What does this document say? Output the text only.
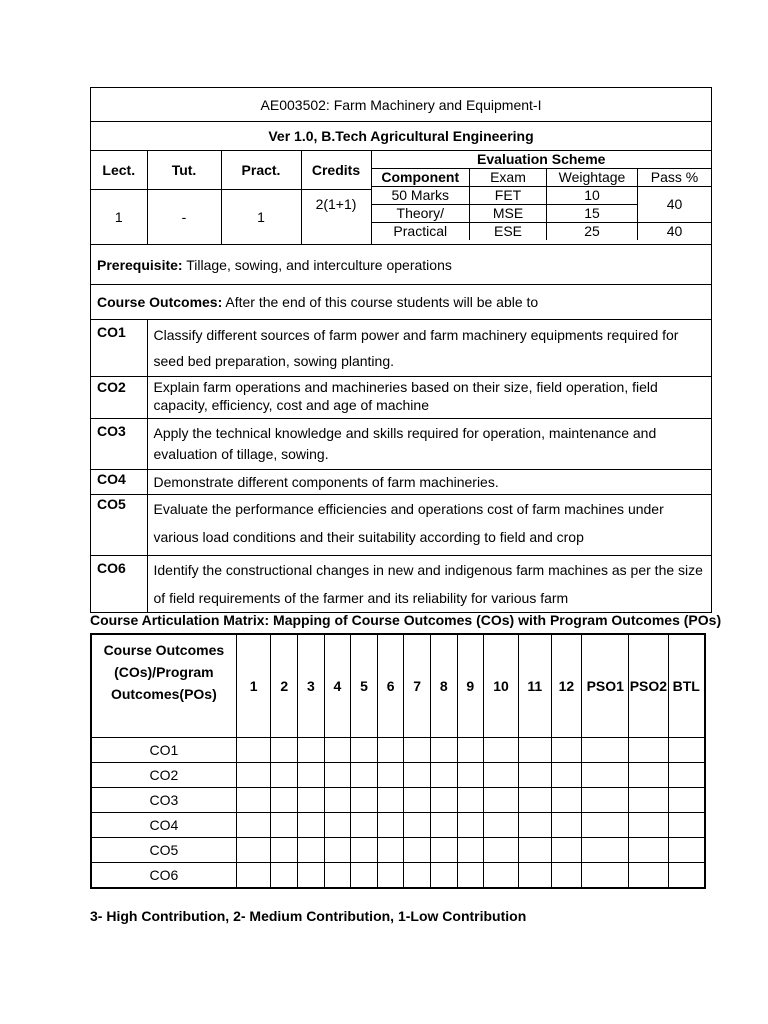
AE003502: Farm Machinery and Equipment-I
Ver 1.0, B.Tech Agricultural Engineering

Lect.	Tut.	Pract.	Credits	
Evaluation Scheme
Component	Exam	Weightage	Pass %
50 Marks	FET	10	40
Theory/	MSE	15
Practical	ESE	25	40

1	-	1	2(1+1)

Prerequisite: Tillage, sowing, and interculture operations
Course Outcomes: After the end of this course students will be able to

CO1	Classify different sources of farm power and farm machinery equipments required for seed bed preparation, sowing planting.
CO2	Explain farm operations and machineries based on their size, field operation, field capacity, efficiency, cost and age of machine
CO3	Apply the technical knowledge and skills required for operation, maintenance and evaluation of tillage, sowing.
CO4	Demonstrate different components of farm machineries.
CO5	Evaluate the performance efficiencies and operations cost of farm machines under various load conditions and their suitability according to field and crop
CO6	Identify the constructional changes in new and indigenous farm machines as per the size of field requirements of the farmer and its reliability for various farm
Course Articulation Matrix: Mapping of Course Outcomes (COs) with Program Outcomes (POs)
Course Outcomes
(COs)/Program
Outcomes(POs)	1	2	3	4	5	6	7	8	9	10	11	12	PSO1	PSO2	BTL
CO1															
CO2															
CO3															
CO4															
CO5															
CO6															
3- High Contribution, 2- Medium Contribution, 1-Low Contribution
